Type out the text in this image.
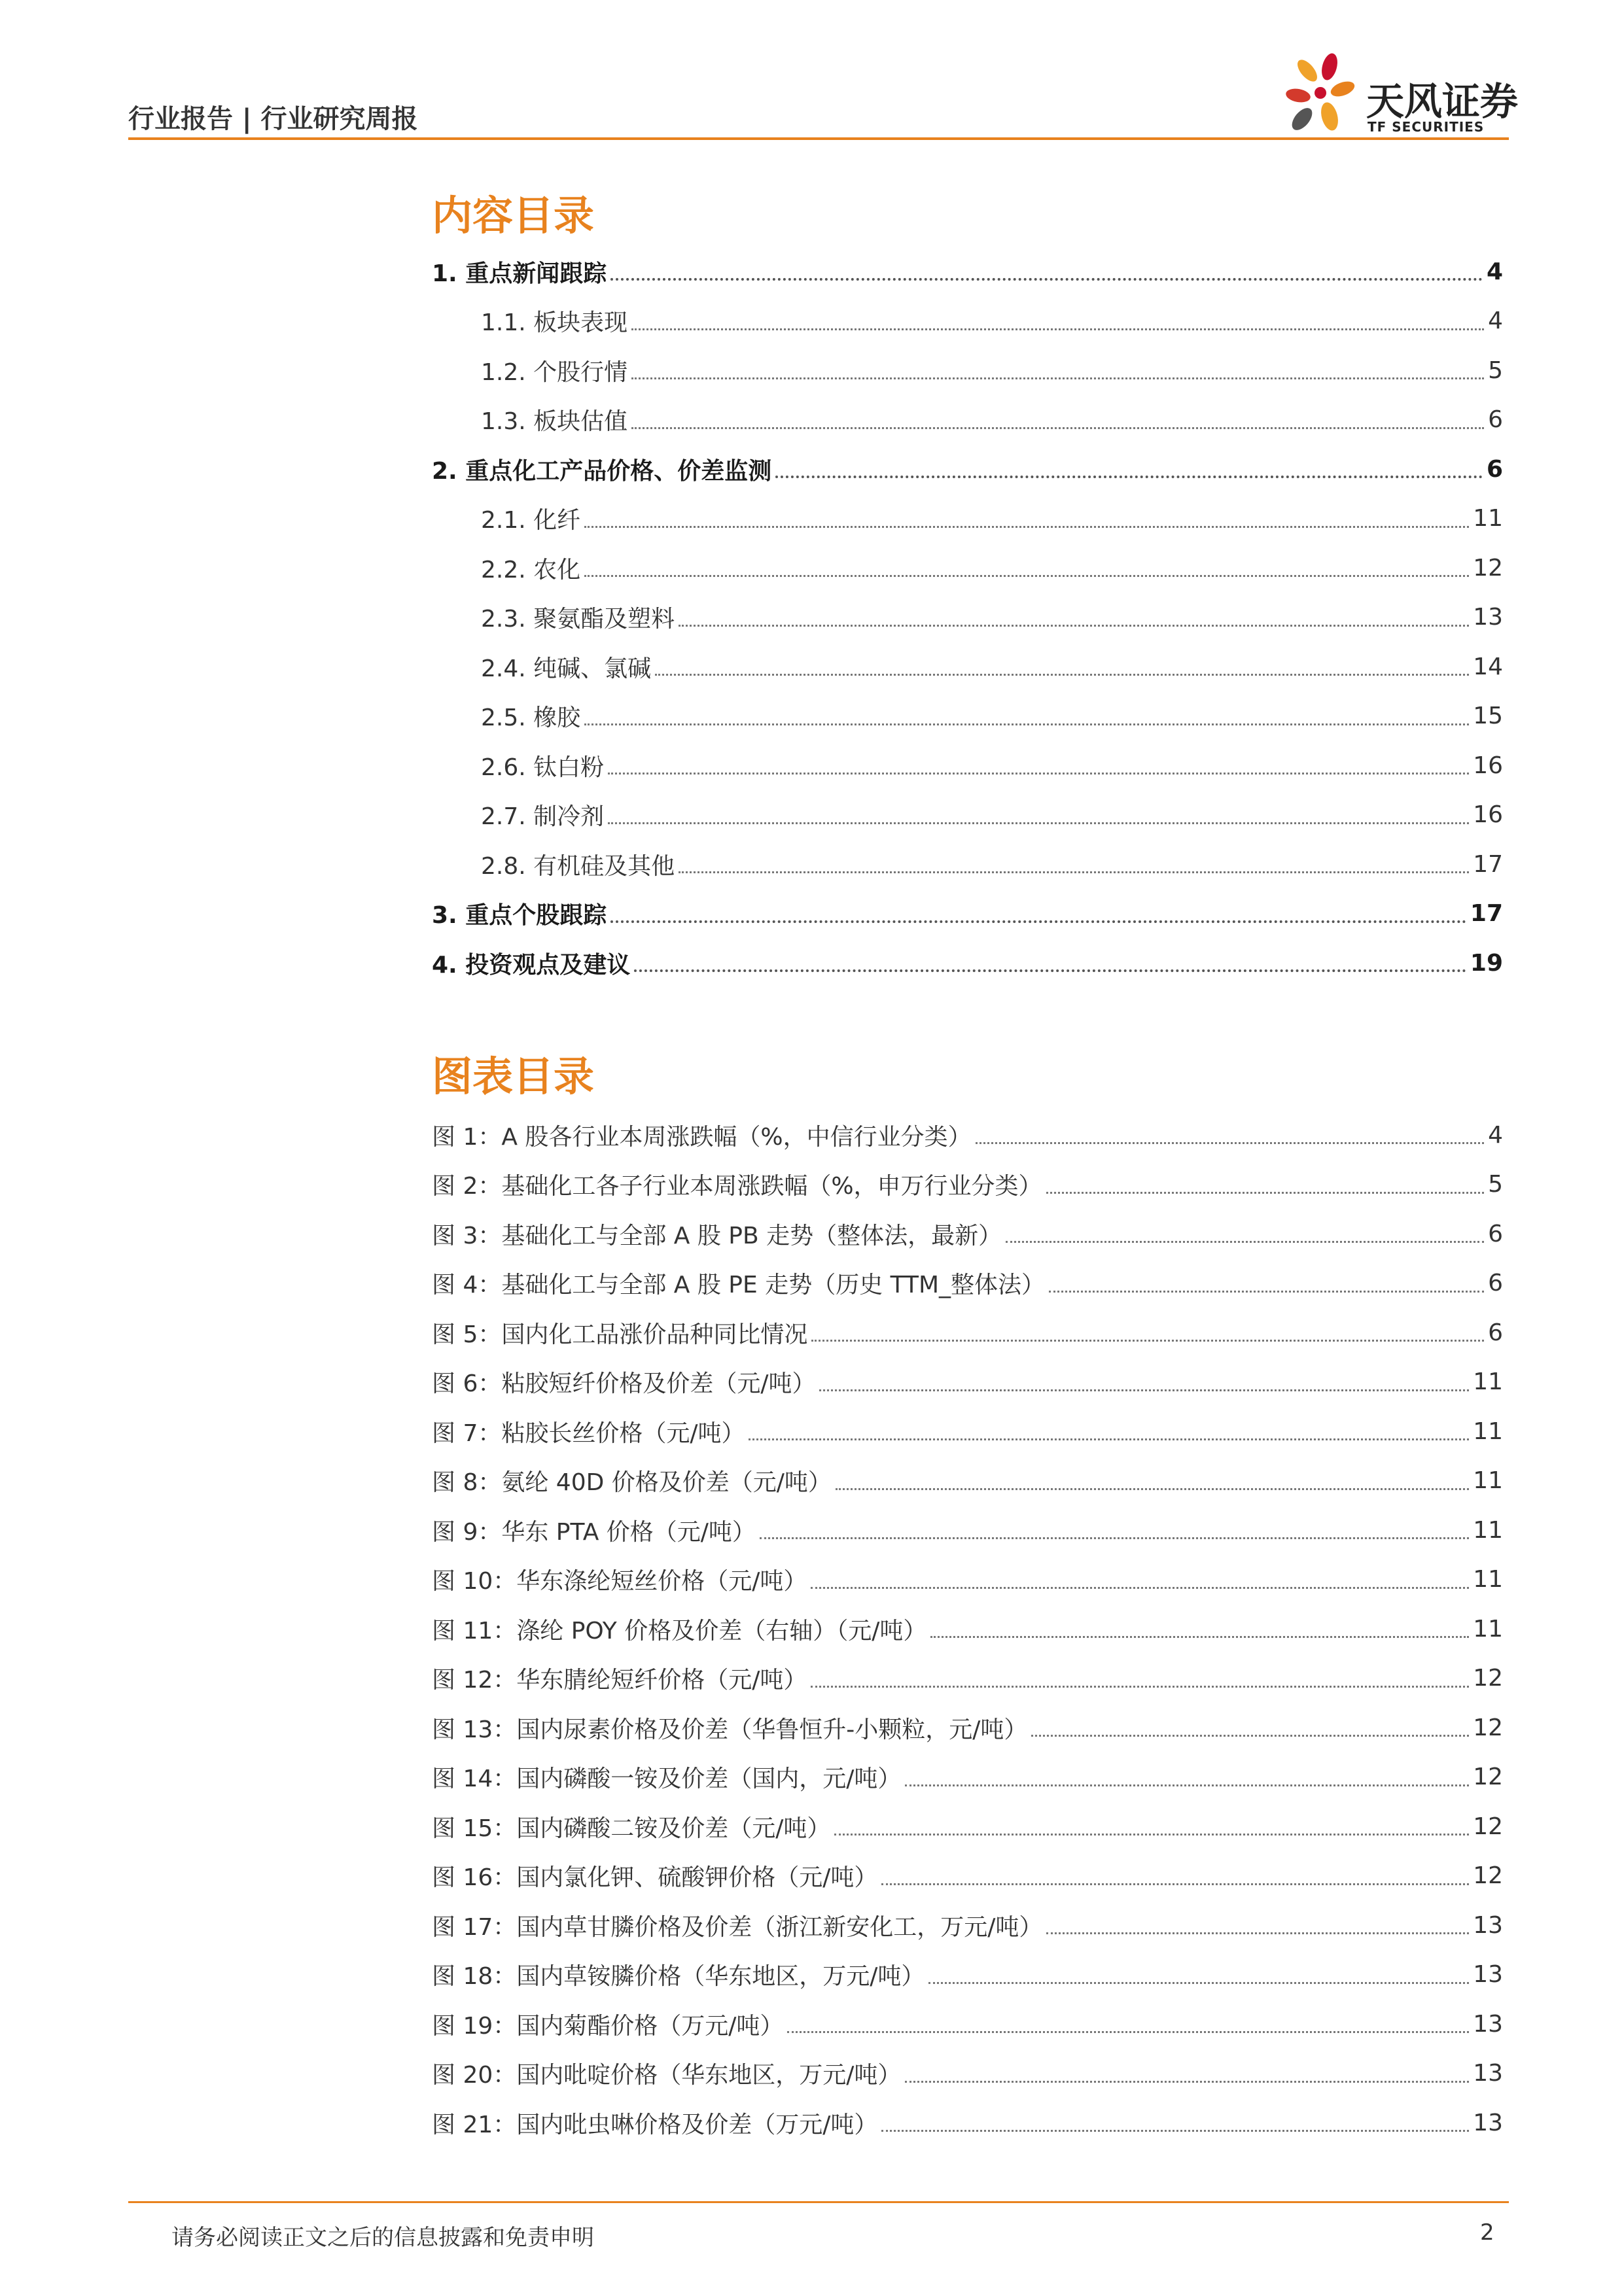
行业报告 | 行业研究周报	天风证券
TF SECURITIES
内容目录
1. 重点新闻跟踪	4
1.1. 板块表现	4
1.2. 个股行情	5
1.3. 板块估值	6
2. 重点化工产品价格、价差监测	6
2.1. 化纤	11
2.2. 农化	12
2.3. 聚氨酯及塑料	13
2.4. 纯碱、氯碱	14
2.5. 橡胶	15
2.6. 钛白粉	16
2.7. 制冷剂	16
2.8. 有机硅及其他	17
3. 重点个股跟踪	17
4. 投资观点及建议	19
图表目录
图 1：A 股各行业本周涨跌幅（%，中信行业分类）	4
图 2：基础化工各子行业本周涨跌幅（%，申万行业分类）	5
图 3：基础化工与全部 A 股 PB 走势（整体法，最新）	6
图 4：基础化工与全部 A 股 PE 走势（历史 TTM_整体法）	6
图 5：国内化工品涨价品种同比情况	6
图 6：粘胶短纤价格及价差（元/吨）	11
图 7：粘胶长丝价格（元/吨）	11
图 8：氨纶 40D 价格及价差（元/吨）	11
图 9：华东 PTA 价格（元/吨）	11
图 10：华东涤纶短丝价格（元/吨）	11
图 11：涤纶 POY 价格及价差（右轴）（元/吨）	11
图 12：华东腈纶短纤价格（元/吨）	12
图 13：国内尿素价格及价差（华鲁恒升-小颗粒，元/吨）	12
图 14：国内磷酸一铵及价差（国内，元/吨）	12
图 15：国内磷酸二铵及价差（元/吨）	12
图 16：国内氯化钾、硫酸钾价格（元/吨）	12
图 17：国内草甘膦价格及价差（浙江新安化工，万元/吨）	13
图 18：国内草铵膦价格（华东地区，万元/吨）	13
图 19：国内菊酯价格（万元/吨）	13
图 20：国内吡啶价格（华东地区，万元/吨）	13
图 21：国内吡虫啉价格及价差（万元/吨）	13
请务必阅读正文之后的信息披露和免责申明	2
